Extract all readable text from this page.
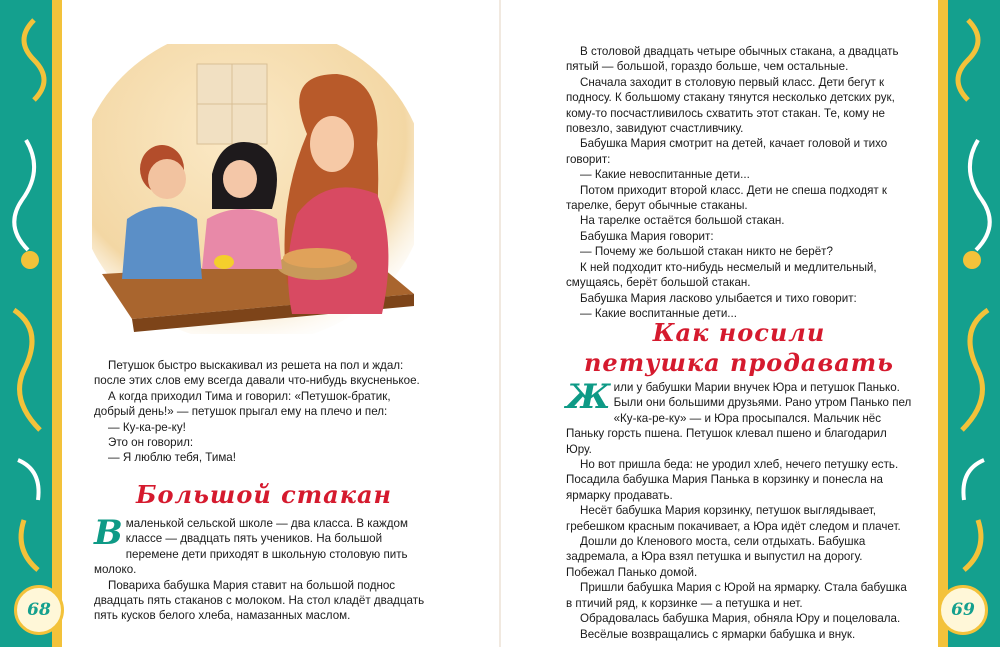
Петушок быстро выскакивал из решета на пол и ждал: после этих слов ему всегда давали что-нибудь вкусненькое.

А когда приходил Тима и говорил: «Петушок-братик, добрый день!» — петушок прыгал ему на плечо и пел:

— Ку-ка-ре-ку!

Это он говорил:

— Я люблю тебя, Тима!

Большой стакан

В маленькой сельской школе — два класса. В каждом классе — двадцать пять учеников. На большой перемене дети приходят в школьную столовую пить молоко.

Повариха бабушка Мария ставит на большой поднос двадцать пять стаканов с молоком. На стол кладёт двадцать пять кусков белого хлеба, намазанных маслом.

68

В столовой двадцать четыре обычных стакана, а двадцать пятый — большой, гораздо больше, чем остальные.

Сначала заходит в столовую первый класс. Дети бегут к подносу. К большому стакану тянутся несколько детских рук, кому-то посчастливилось схватить этот стакан. Те, кому не повезло, завидуют счастливчику.

Бабушка Мария смотрит на детей, качает головой и тихо говорит:

— Какие невоспитанные дети...

Потом приходит второй класс. Дети не спеша подходят к тарелке, берут обычные стаканы.

На тарелке остаётся большой стакан.

Бабушка Мария говорит:

— Почему же большой стакан никто не берёт?

К ней подходит кто-нибудь несмелый и медлительный, смущаясь, берёт большой стакан.

Бабушка Мария ласково улыбается и тихо говорит:

— Какие воспитанные дети...

Как носили
петушка продавать

Жили у бабушки Марии внучек Юра и петушок Панько. Были они большими друзьями. Рано утром Панько пел «Ку-ка-ре-ку» — и Юра просыпался. Мальчик нёс Паньку горсть пшена. Петушок клевал пшено и благодарил Юру.

Но вот пришла беда: не уродил хлеб, нечего петушку есть. Посадила бабушка Мария Панька в корзинку и понесла на ярмарку продавать.

Несёт бабушка Мария корзинку, петушок выглядывает, гребешком красным покачивает, а Юра идёт следом и плачет.

Дошли до Кленового моста, сели отдыхать. Бабушка задремала, а Юра взял петушка и выпустил на дорогу. Побежал Панько домой.

Пришли бабушка Мария с Юрой на ярмарку. Стала бабушка в птичий ряд, к корзинке — а петушка и нет.

Обрадовалась бабушка Мария, обняла Юру и поцеловала.

Весёлые возвращались с ярмарки бабушка и внук.

69
